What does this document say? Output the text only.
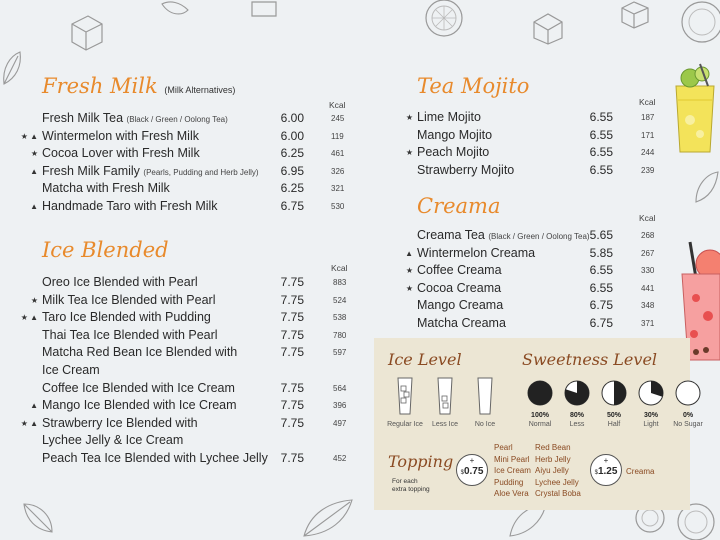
Fresh Milk (Milk Alternatives)
Kcal
Fresh Milk Tea (Black / Green / Oolong Tea)	6.00	245
★ ▲ Wintermelon with Fresh Milk	6.00	119
★ Cocoa Lover with Fresh Milk	6.25	461
▲ Fresh Milk Family (Pearls, Pudding and Herb Jelly)	6.95	326
Matcha with Fresh Milk	6.25	321
▲ Handmade Taro with Fresh Milk	6.75	530
Ice Blended
Kcal
Oreo Ice Blended with Pearl	7.75	883
★ Milk Tea Ice Blended with Pearl	7.75	524
★ ▲ Taro Ice Blended with Pudding	7.75	538
Thai Tea Ice Blended with Pearl	7.75	780
Matcha Red Bean Ice Blended with	7.75	597
Ice Cream
Coffee Ice Blended with Ice Cream	7.75	564
▲ Mango Ice Blended with Ice Cream	7.75	396
★ ▲ Strawberry Ice Blended with	7.75	497
Lychee Jelly & Ice Cream
Peach Tea Ice Blended with Lychee Jelly	7.75	452
Tea Mojito
Kcal
★ Lime Mojito	6.55	187
Mango Mojito	6.55	171
★ Peach Mojito	6.55	244
Strawberry Mojito	6.55	239
Creama	Kcal
Creama Tea (Black / Green / Oolong Tea) 5.65	268
▲ Wintermelon Creama	5.85	267
★ Coffee Creama	6.55	330
★ Cocoa Creama	6.55	441
Mango Creama	6.75	348
Matcha Creama	6.75	371
Ice Level
Regular Ice	Less Ice	No Ice
Sweetness Level
100%
Normal
80%
Less
50%
Half
30%
Light
0%
No Sugar
Topping
For each
extra topping
+
$0.75
Pearl
Mini Pearl
Ice Cream
Pudding
Aloe Vera
Red Bean
Herb Jelly
Aiyu Jelly
Lychee Jelly
Crystal Boba
+
$1.25	Creama
